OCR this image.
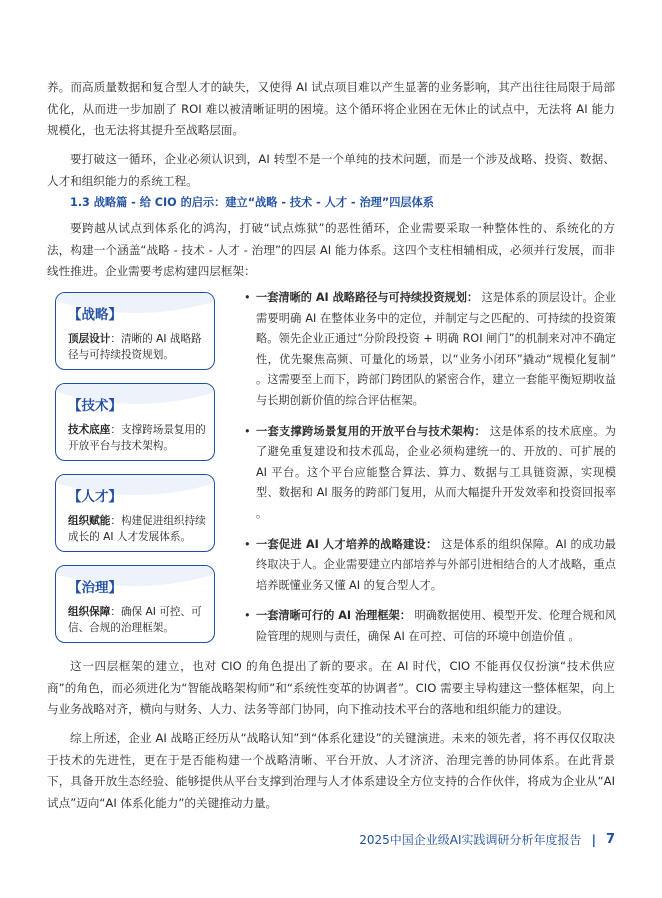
养。而高质量数据和复合型人才的缺失，又使得 AI 试点项目难以产生显著的业务影响，其产出往往局限于局部优化，从而进一步加剧了 ROI 难以被清晰证明的困境。这个循环将企业困在无休止的试点中，无法将 AI 能力规模化，也无法将其提升至战略层面。

要打破这一循环，企业必须认识到，AI 转型不是一个单纯的技术问题，而是一个涉及战略、投资、数据、人才和组织能力的系统工程。

1.3 战略篇 - 给 CIO 的启示：建立“战略 - 技术 - 人才 - 治理”四层体系

要跨越从试点到体系化的鸿沟，打破“试点炼狱”的恶性循环，企业需要采取一种整体性的、系统化的方法，构建一个涵盖“战略 - 技术 - 人才 - 治理”的四层 AI 能力体系。这四个支柱相辅相成，必须并行发展，而非线性推进。企业需要考虑构建四层框架：

【战略】
顶层设计：清晰的 AI 战略路径与可持续投资规划。
【技术】
技术底座：支撑跨场景复用的开放平台与技术架构。
【人才】
组织赋能：构建促进组织持续成长的 AI 人才发展体系。
【治理】
组织保障：确保 AI 可控、可信、合规的治理框架。

• 一套清晰的 AI 战略路径与可持续投资规划： 这是体系的顶层设计。企业需要明确 AI 在整体业务中的定位，并制定与之匹配的、可持续的投资策略。领先企业正通过“分阶段投资 + 明确 ROI 闸门”的机制来对冲不确定性，优先聚焦高频、可量化的场景，以“业务小闭环”撬动“规模化复制” 。这需要至上而下，跨部门跨团队的紧密合作，建立一套能平衡短期收益与长期创新价值的综合评估框架。

• 一套支撑跨场景复用的开放平台与技术架构： 这是体系的技术底座。为了避免重复建设和技术孤岛，企业必须构建统一的、开放的、可扩展的 AI 平台。这个平台应能整合算法、算力、数据与工具链资源，实现模型、数据和 AI 服务的跨部门复用，从而大幅提升开发效率和投资回报率 。

• 一套促进 AI 人才培养的战略建设： 这是体系的组织保障。AI 的成功最终取决于人。企业需要建立内部培养与外部引进相结合的人才战略，重点培养既懂业务又懂 AI 的复合型人才。

• 一套清晰可行的 AI 治理框架： 明确数据使用、模型开发、伦理合规和风险管理的规则与责任，确保 AI 在可控、可信的环境中创造价值 。

这一四层框架的建立，也对 CIO 的角色提出了新的要求。在 AI 时代，CIO 不能再仅仅扮演“技术供应商”的角色，而必须进化为“智能战略架构师”和“系统性变革的协调者”。CIO 需要主导构建这一整体框架，向上与业务战略对齐，横向与财务、人力、法务等部门协同，向下推动技术平台的落地和组织能力的建设。

综上所述，企业 AI 战略正经历从“战略认知”到“体系化建设”的关键演进。未来的领先者，将不再仅仅取决于技术的先进性，更在于是否能构建一个战略清晰、平台开放、人才济济、治理完善的协同体系。在此背景下，具备开放生态经验、能够提供从平台支撑到治理与人才体系建设全方位支持的合作伙伴，将成为企业从“AI 试点”迈向“AI 体系化能力”的关键推动力量。

2025中国企业级AI实践调研分析年度报告 | 7
